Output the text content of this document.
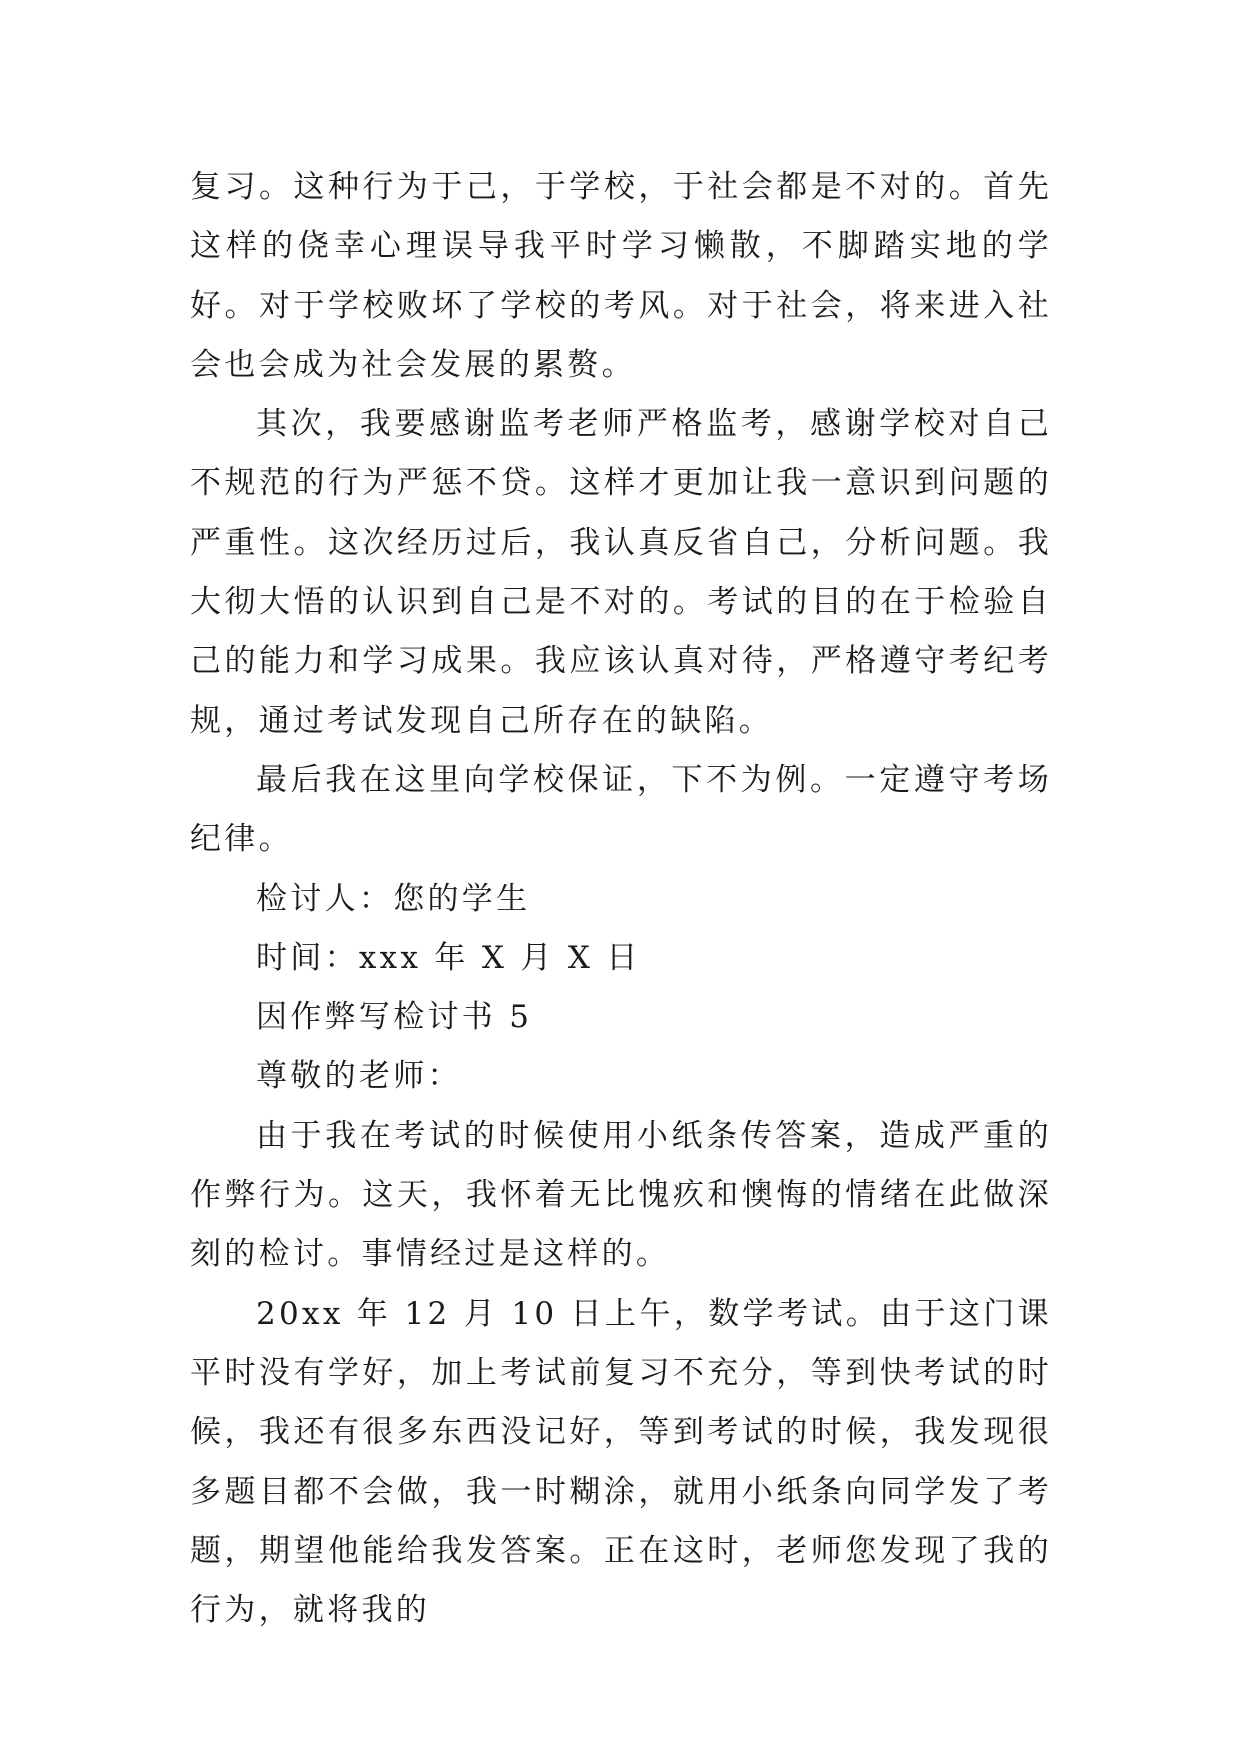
复习。这种行为于己，于学校，于社会都是不对的。首先这样的侥幸心理误导我平时学习懒散，不脚踏实地的学好。对于学校败坏了学校的考风。对于社会，将来进入社会也会成为社会发展的累赘。

其次，我要感谢监考老师严格监考，感谢学校对自己不规范的行为严惩不贷。这样才更加让我一意识到问题的严重性。这次经历过后，我认真反省自己，分析问题。我大彻大悟的认识到自己是不对的。考试的目的在于检验自己的能力和学习成果。我应该认真对待，严格遵守考纪考规，通过考试发现自己所存在的缺陷。

最后我在这里向学校保证，下不为例。一定遵守考场纪律。

检讨人：您的学生

时间：xxx 年 X 月 X 日

因作弊写检讨书 5

尊敬的老师：

由于我在考试的时候使用小纸条传答案，造成严重的作弊行为。这天，我怀着无比愧疚和懊悔的情绪在此做深刻的检讨。事情经过是这样的。

20xx 年 12 月 10 日上午，数学考试。由于这门课平时没有学好，加上考试前复习不充分，等到快考试的时候，我还有很多东西没记好，等到考试的时候，我发现很多题目都不会做，我一时糊涂，就用小纸条向同学发了考题，期望他能给我发答案。正在这时，老师您发现了我的行为，就将我的
